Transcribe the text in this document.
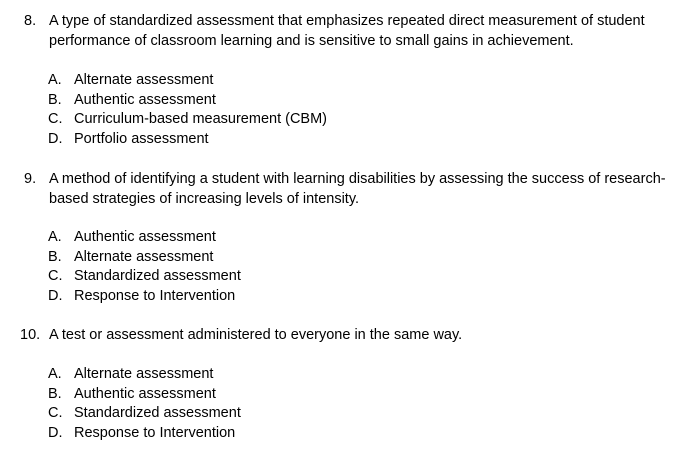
8. A type of standardized assessment that emphasizes repeated direct measurement of student performance of classroom learning and is sensitive to small gains in achievement.
A. Alternate assessment
B. Authentic assessment
C. Curriculum-based measurement (CBM)
D. Portfolio assessment
9. A method of identifying a student with learning disabilities by assessing the success of research-based strategies of increasing levels of intensity.
A. Authentic assessment
B. Alternate assessment
C. Standardized assessment
D. Response to Intervention
10. A test or assessment administered to everyone in the same way.
A. Alternate assessment
B. Authentic assessment
C. Standardized assessment
D. Response to Intervention
